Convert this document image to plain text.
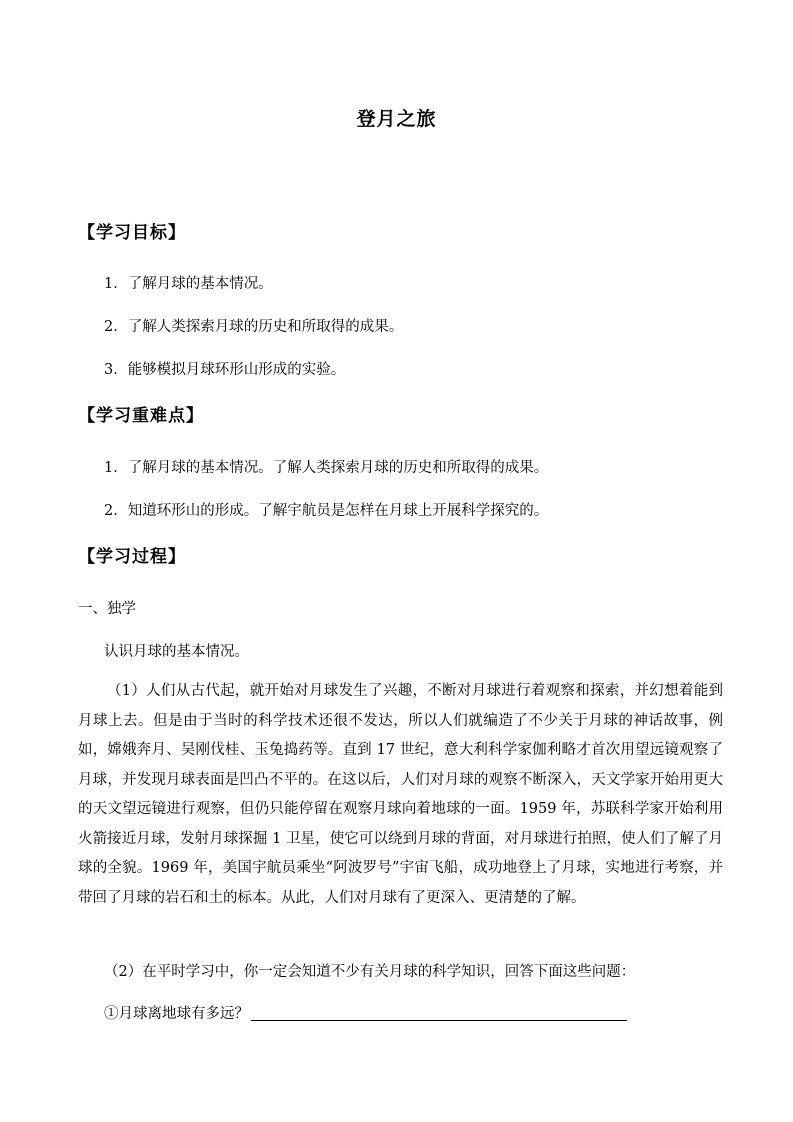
登月之旅
【学习目标】
1．了解月球的基本情况。
2．了解人类探索月球的历史和所取得的成果。
3．能够模拟月球环形山形成的实验。
【学习重难点】
1．了解月球的基本情况。了解人类探索月球的历史和所取得的成果。
2．知道环形山的形成。了解宇航员是怎样在月球上开展科学探究的。
【学习过程】
一、独学
认识月球的基本情况。

（1）人们从古代起，就开始对月球发生了兴趣，不断对月球进行着观察和探索，并幻想着能到月球上去。但是由于当时的科学技术还很不发达，所以人们就编造了不少关于月球的神话故事，例如，嫦娥奔月、吴刚伐桂、玉兔捣药等。直到 17 世纪，意大利科学家伽利略才首次用望远镜观察了月球，并发现月球表面是凹凸不平的。在这以后，人们对月球的观察不断深入，天文学家开始用更大的天文望远镜进行观察，但仍只能停留在观察月球向着地球的一面。1959 年，苏联科学家开始利用火箭接近月球，发射月球探掘 1 卫星，使它可以绕到月球的背面，对月球进行拍照，使人们了解了月球的全貌。1969 年，美国宇航员乘坐“阿波罗号”宇宙飞船，成功地登上了月球，实地进行考察，并带回了月球的岩石和土的标本。从此，人们对月球有了更深入、更清楚的了解。

（2）在平时学习中，你一定会知道不少有关月球的科学知识，回答下面这些问题：
①月球离地球有多远？
